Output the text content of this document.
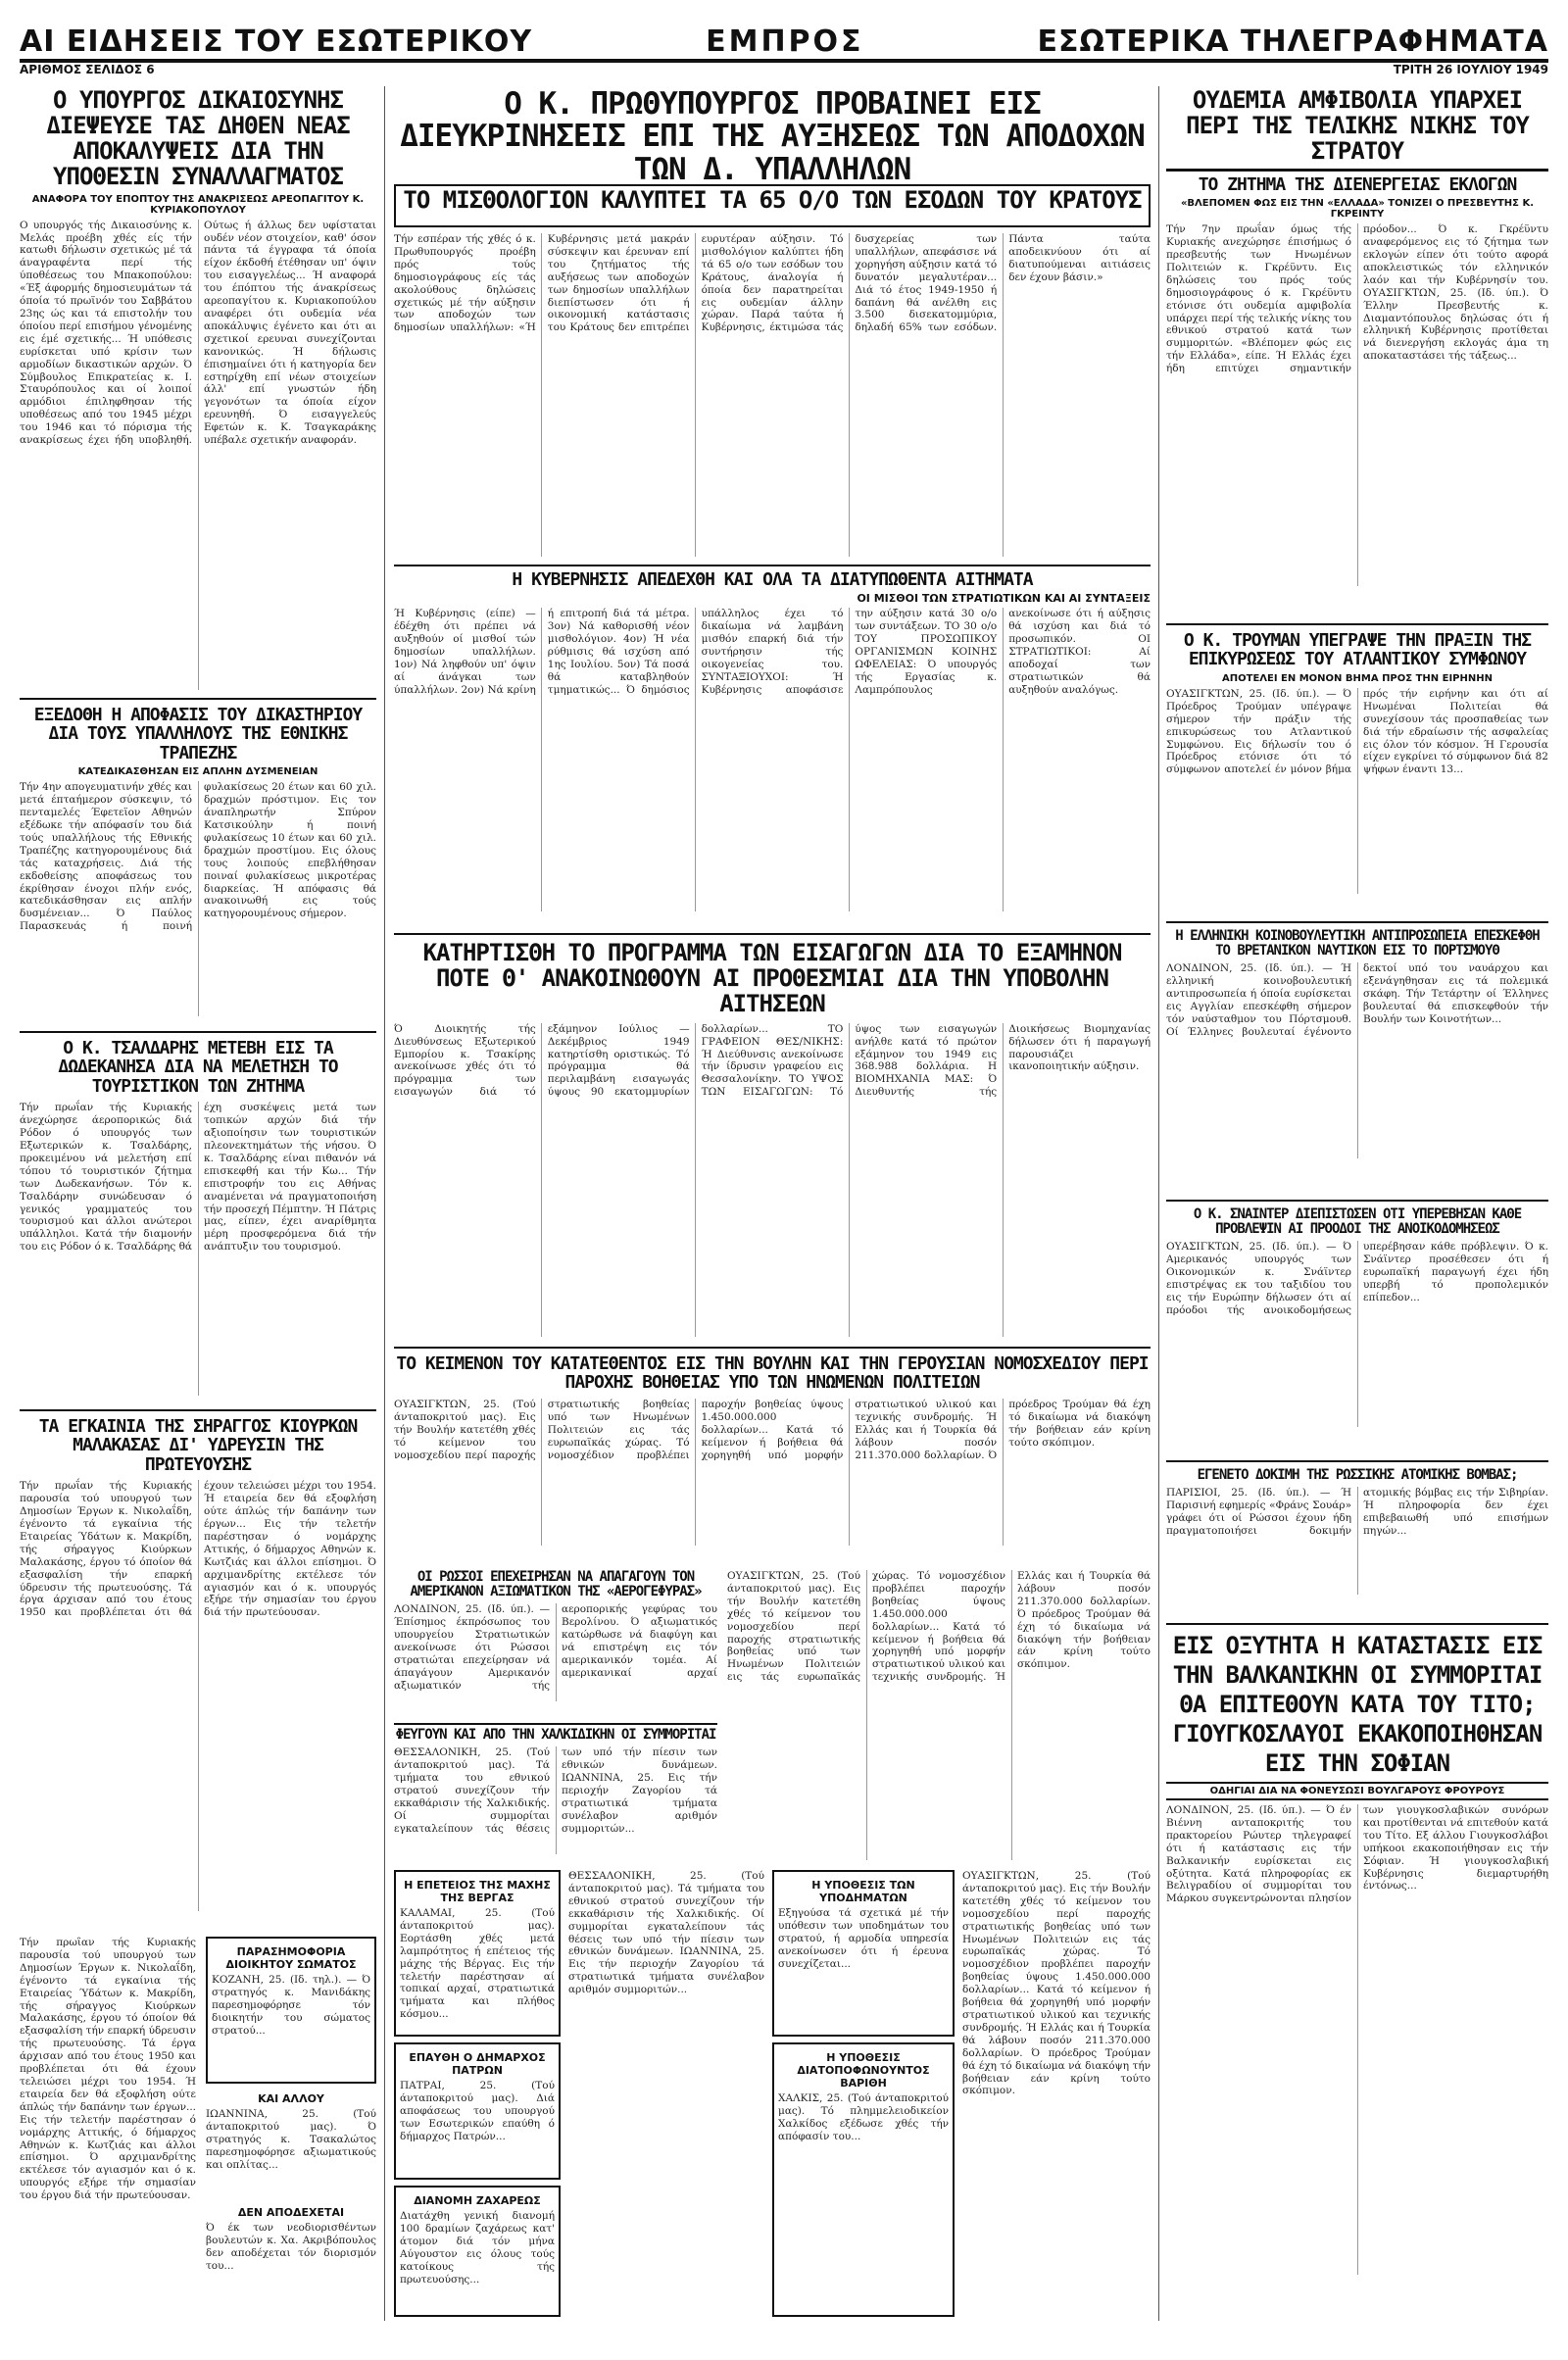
ΑΙ ΕΙΔΗΣΕΙΣ ΤΟΥ ΕΣΩΤΕΡΙΚΟΥ	ΕΜΠΡΟΣ	ΕΣΩΤΕΡΙΚΑ ΤΗΛΕΓΡΑΦΗΜΑΤΑ
ΑΡΙΘΜΟΣ ΣΕΛΙΔΟΣ 6	ΤΡΙΤΗ 26 ΙΟΥΛΙΟΥ 1949
Ο ΥΠΟΥΡΓΟΣ ΔΙΚΑΙΟΣΥΝΗΣ ΔΙΕΨΕΥΣΕ ΤΑΣ ΔΗΘΕΝ ΝΕΑΣ ΑΠΟΚΑΛΥΨΕΙΣ ΔΙΑ ΤΗΝ ΥΠΟΘΕΣΙΝ ΣΥΝΑΛΛΑΓΜΑΤΟΣ
ΑΝΑΦΟΡΑ ΤΟΥ ΕΠΟΠΤΟΥ ΤΗΣ ΑΝΑΚΡΙΣΕΩΣ ΑΡΕΟΠΑΓΙΤΟΥ Κ. ΚΥΡΙΑΚΟΠΟΥΛΟΥ
Ο υπουργός τής Δικαιοσύνης κ. Μελάς προέβη χθές είς τήν κατωθι δήλωσιν σχετικώς μέ τά άναγραφέντα περί τής ύποθέσεως του Μπακοπούλου: «Έξ άφορμής δημοσιευμάτων τά όποία τό πρωϊνόν του Σαββάτου 23ης ώς και τά επιστολήν του όποίου περί επισήμου γένομένης εις έμέ σχετικής... Ή υπόθεσις ευρίσκεται υπό κρίσιν των αρμοδίων δικαστικών αρχών. Ό Σύμβουλος Επικρατείας κ. Ι. Σταυρόπουλος και οί λοιποί αρμόδιοι έπιληφθησαν τής υποθέσεως από του 1945 μέχρι του 1946 και τό πόρισμα τής ανακρίσεως έχει ήδη υποβληθή. Ούτως ή άλλως δεν υφίσταται ουδέν νέον στοιχείον, καθ' όσον πάντα τά έγγραφα τά όποία είχον έκδοθή έτέθησαν υπ' όψιν του εισαγγελέως... Ή αναφορά του έπόπτου τής άνακρίσεως αρεοπαγίτου κ. Κυριακοπούλου αναφέρει ότι ουδεμία νέα αποκάλυψις έγένετο και ότι αι σχετικοί ερευναι συνεχίζονται κανονικώς. Ή δήλωσις έπισημαίνει ότι ή κατηγορία δεν εστηρίχθη επί νέων στοιχείων άλλ' επί γνωστών ήδη γεγονότων τα όποία είχον ερευνηθή. Ό εισαγγελεύς Εφετών κ. Κ. Τσαγκαράκης υπέβαλε σχετικήν αναφοράν.
ΕΞΕΔΟΘΗ Η ΑΠΟΦΑΣΙΣ ΤΟΥ ΔΙΚΑΣΤΗΡΙΟΥ ΔΙΑ ΤΟΥΣ ΥΠΑΛΛΗΛΟΥΣ ΤΗΣ ΕΘΝΙΚΗΣ ΤΡΑΠΕΖΗΣ
ΚΑΤΕΔΙΚΑΣΘΗΣΑΝ ΕΙΣ ΑΠΛΗΝ ΔΥΣΜΕΝΕΙΑΝ
Τήν 4ην απογευματινήν χθές και μετά έπταήμερον σύσκεψιν, τό πενταμελές Έφετεϊον Αθηνών εξέδωκε τήν απόφασίν του διά τούς υπαλλήλους τής Εθνικής Τραπέζης κατηγορουμένους διά τάς καταχρήσεις. Διά τής εκδοθείσης αποφάσεως του έκρίθησαν ένοχοι πλήν ενός, κατεδικάσθησαν εις απλήν δυσμένειαν... Ό Παύλος Παρασκευάς ή ποινή φυλακίσεως 20 έτων και 60 χιλ. δραχμών πρόστιμον. Εις τον άναπληρωτήν Σπύρον Κατσικούλην ή ποινή φυλακίσεως 10 έτων και 60 χιλ. δραχμών προστίμου. Εις όλους τους λοιπούς επεβλήθησαν ποιναί φυλακίσεως μικροτέρας διαρκείας. Ή απόφασις θά ανακοινωθή εις τούς κατηγορουμένους σήμερον.
Ο Κ. ΤΣΑΛΔΑΡΗΣ ΜΕΤΕΒΗ ΕΙΣ ΤΑ ΔΩΔΕΚΑΝΗΣΑ ΔΙΑ ΝΑ ΜΕΛΕΤΗΣΗ ΤΟ ΤΟΥΡΙΣΤΙΚΟΝ ΤΩΝ ΖΗΤΗΜΑ
Τήν πρωΐαν τής Κυριακής άνεχώρησε άεροπορικώς διά Ρόδον ό υπουργός των Εξωτερικών κ. Τσαλδάρης, προκειμένου νά μελετήση επί τόπου τό τουριστικόν ζήτημα των Δωδεκανήσων. Τόν κ. Τσαλδάρην συνώδευσαν ό γενικός γραμματεύς του τουρισμού και άλλοι ανώτεροι υπάλληλοι. Κατά τήν διαμονήν του εις Ρόδον ό κ. Τσαλδάρης θά έχη συσκέψεις μετά των τοπικών αρχών διά τήν αξιοποίησιν των τουριστικών πλεονεκτημάτων τής νήσου. Ό κ. Τσαλδάρης είναι πιθανόν νά επισκεφθή και τήν Κω... Τήν επιστροφήν του εις Αθήνας αναμένεται νά πραγματοποιήση τήν προσεχή Πέμπτην. Ή Πάτρις μας, είπεν, έχει αναρίθμητα μέρη προσφερόμενα διά τήν ανάπτυξιν του τουρισμού.
ΤΑ ΕΓΚΑΙΝΙΑ ΤΗΣ ΣΗΡΑΓΓΟΣ ΚΙΟΥΡΚΩΝ ΜΑΛΑΚΑΣΑΣ ΔΙ' ΥΔΡΕΥΣΙΝ ΤΗΣ ΠΡΩΤΕΥΟΥΣΗΣ
Τήν πρωΐαν τής Κυριακής παρουσία τού υπουργού των Δημοσίων Έργων κ. Νικολαΐδη, έγένοντο τά εγκαίνια τής Εταιρείας Ύδάτων κ. Μακρίδη, τής σήραγγος Κιούρκων Μαλακάσης, έργου τό όποίον θά εξασφαλίση τήν επαρκή ύδρευσιν τής πρωτευούσης. Τά έργα άρχισαν από του έτους 1950 και προβλέπεται ότι θά έχουν τελειώσει μέχρι του 1954. Ή εταιρεία δεν θά εξοφλήση ούτε άπλώς τήν δαπάνην των έργων... Εις τήν τελετήν παρέστησαν ό νομάρχης Αττικής, ό δήμαρχος Αθηνών κ. Κωτζιάς και άλλοι επίσημοι. Ό αρχιμανδρίτης εκτέλεσε τόν αγιασμόν και ό κ. υπουργός εξήρε τήν σημασίαν του έργου διά τήν πρωτεύουσαν.
ΠΑΡΑΣΗΜΟΦΟΡΙΑ ΔΙΟΙΚΗΤΟΥ ΣΩΜΑΤΟΣ
ΚΟΖΑΝΗ, 25. (Ιδ. τηλ.). — Ό στρατηγός κ. Μανιδάκης παρεσημοφόρησε τόν διοικητήν του σώματος στρατού...
ΚΑΙ ΑΛΛΟΥ
ΙΩΑΝΝΙΝΑ, 25. (Τού άνταποκριτού μας). Ό στρατηγός κ. Τσακαλώτος παρεσημοφόρησε αξιωματικούς και οπλίτας...
ΔΕΝ ΑΠΟΔΕΧΕΤΑΙ
Ό έκ των νεοδιορισθέντων βουλευτών κ. Χα. Ακριβόπουλος δεν αποδέχεται τόν διορισμόν του...
Τήν πρωΐαν τής Κυριακής παρουσία τού υπουργού των Δημοσίων Έργων κ. Νικολαΐδη, έγένοντο τά εγκαίνια τής Εταιρείας Ύδάτων κ. Μακρίδη, τής σήραγγος Κιούρκων Μαλακάσης, έργου τό όποίον θά εξασφαλίση τήν επαρκή ύδρευσιν τής πρωτευούσης. Τά έργα άρχισαν από του έτους 1950 και προβλέπεται ότι θά έχουν τελειώσει μέχρι του 1954. Ή εταιρεία δεν θά εξοφλήση ούτε άπλώς τήν δαπάνην των έργων... Εις τήν τελετήν παρέστησαν ό νομάρχης Αττικής, ό δήμαρχος Αθηνών κ. Κωτζιάς και άλλοι επίσημοι. Ό αρχιμανδρίτης εκτέλεσε τόν αγιασμόν και ό κ. υπουργός εξήρε τήν σημασίαν του έργου διά τήν πρωτεύουσαν.
Ο Κ. ΠΡΩΘΥΠΟΥΡΓΟΣ ΠΡΟΒΑΙΝΕΙ ΕΙΣ ΔΙΕΥΚΡΙΝΗΣΕΙΣ ΕΠΙ ΤΗΣ ΑΥΞΗΣΕΩΣ ΤΩΝ ΑΠΟΔΟΧΩΝ ΤΩΝ Δ. ΥΠΑΛΛΗΛΩΝ
ΤΟ ΜΙΣΘΟΛΟΓΙΟΝ ΚΑΛΥΠΤΕΙ ΤΑ 65 Ο/Ο ΤΩΝ ΕΣΟΔΩΝ ΤΟΥ ΚΡΑΤΟΥΣ
Τήν εσπέραν τής χθές ό κ. Πρωθυπουργός προέβη πρός τούς δημοσιογράφους είς τάς ακολούθους δηλώσεις σχετικώς μέ τήν αύξησιν των αποδοχών των δημοσίων υπαλλήλων: «Ή Κυβέρνησις μετά μακράν σύσκεψιν και έρευναν επί του ζητήματος τής αυξήσεως των αποδοχών των δημοσίων υπαλλήλων διεπίστωσεν ότι ή οικονομική κατάστασις του Κράτους δεν επιτρέπει ευρυτέραν αύξησιν. Τό μισθολόγιον καλύπτει ήδη τά 65 ο/ο των εσόδων του Κράτους, άναλογία ή όποία δεν παρατηρείται εις ουδεμίαν άλλην χώραν. Παρά ταύτα ή Κυβέρνησις, έκτιμώσα τάς δυσχερείας των υπαλλήλων, απεφάσισε νά χορηγήση αύξησιν κατά τό δυνατόν μεγαλυτέραν... Διά τό έτος 1949-1950 ή δαπάνη θά ανέλθη εις 3.500 δισεκατομμύρια, δηλαδή 65% των εσόδων. Πάντα ταύτα αποδεικνύουν ότι αί διατυπούμεναι αιτιάσεις δεν έχουν βάσιν.»
Η ΚΥΒΕΡΝΗΣΙΣ ΑΠΕΔΕΧΘΗ ΚΑΙ ΟΛΑ ΤΑ ΔΙΑΤΥΠΩΘΕΝΤΑ ΑΙΤΗΜΑΤΑ
ΟΙ ΜΙΣΘΟΙ ΤΩΝ ΣΤΡΑΤΙΩΤΙΚΩΝ ΚΑΙ ΑΙ ΣΥΝΤΑΞΕΙΣ
Ή Κυβέρνησις (είπε) — έδέχθη ότι πρέπει νά αυξηθούν οί μισθοί τών δημοσίων υπαλλήλων. 1ον) Νά ληφθούν υπ' όψιν αί άνάγκαι των ύπαλλήλων. 2ον) Νά κρίνη ή επιτροπή διά τά μέτρα. 3ον) Νά καθορισθή νέον μισθολόγιον. 4ον) Ή νέα ρύθμισις θά ισχύση από 1ης Ιουλίου. 5ον) Τά ποσά θά καταβληθούν τμηματικώς... Ό δημόσιος υπάλληλος έχει τό δικαίωμα νά λαμβάνη μισθόν επαρκή διά τήν συντήρησιν τής οικογενείας του. ΣΥΝΤΑΞΙΟΥΧΟΙ: Ή Κυβέρνησις αποφάσισε την αύξησιν κατά 30 ο/ο των συντάξεων. ΤΟ 30 ο/ο ΤΟΥ ΠΡΟΣΩΠΙΚΟΥ ΟΡΓΑΝΙΣΜΩΝ ΚΟΙΝΗΣ ΩΦΕΛΕΙΑΣ: Ό υπουργός τής Εργασίας κ. Λαμπρόπουλος ανεκοίνωσε ότι ή αύξησις θά ισχύση και διά τό προσωπικόν. ΟΙ ΣΤΡΑΤΙΩΤΙΚΟΙ: Αί αποδοχαί των στρατιωτικών θά αυξηθούν αναλόγως.
ΚΑΤΗΡΤΙΣΘΗ ΤΟ ΠΡΟΓΡΑΜΜΑ ΤΩΝ ΕΙΣΑΓΩΓΩΝ ΔΙΑ ΤΟ ΕΞΑΜΗΝΟΝ ΠΟΤΕ Θ' ΑΝΑΚΟΙΝΩΘΟΥΝ ΑΙ ΠΡΟΘΕΣΜΙΑΙ ΔΙΑ ΤΗΝ ΥΠΟΒΟΛΗΝ ΑΙΤΗΣΕΩΝ
Ό Διοικητής τής Διευθύνσεως Εξωτερικού Εμπορίου κ. Τσακίρης ανεκοίνωσε χθές ότι τό πρόγραμμα των εισαγωγών διά τό εξάμηνον Ιούλιος — Δεκέμβριος 1949 κατηρτίσθη οριστικώς. Τό πρόγραμμα θά περιλαμβάνη εισαγωγάς ύψους 90 εκατομμυρίων δολλαρίων... ΤΟ ΓΡΑΦΕΙΟΝ ΘΕΣ/ΝΙΚΗΣ: Ή Διεύθυνσις ανεκοίνωσε τήν ίδρυσιν γραφείου εις Θεσσαλονίκην. ΤΟ ΥΨΟΣ ΤΩΝ ΕΙΣΑΓΩΓΩΝ: Τό ύψος των εισαγωγών ανήλθε κατά τό πρώτον εξάμηνον του 1949 εις 368.988 δολλάρια. Η ΒΙΟΜΗΧΑΝΙΑ ΜΑΣ: Ό Διευθυντής τής Διοικήσεως Βιομηχανίας δήλωσεν ότι ή παραγωγή παρουσιάζει ικανοποιητικήν αύξησιν.
ΤΟ ΚΕΙΜΕΝΟΝ ΤΟΥ ΚΑΤΑΤΕΘΕΝΤΟΣ ΕΙΣ ΤΗΝ ΒΟΥΛΗΝ ΚΑΙ ΤΗΝ ΓΕΡΟΥΣΙΑΝ ΝΟΜΟΣΧΕΔΙΟΥ ΠΕΡΙ ΠΑΡΟΧΗΣ ΒΟΗΘΕΙΑΣ ΥΠΟ ΤΩΝ ΗΝΩΜΕΝΩΝ ΠΟΛΙΤΕΙΩΝ
ΟΥΑΣΙΓΚΤΩΝ, 25. (Τού άνταποκριτού μας). Εις τήν Βουλήν κατετέθη χθές τό κείμενον του νομοσχεδίου περί παροχής στρατιωτικής βοηθείας υπό των Ηνωμένων Πολιτειών εις τάς ευρωπαϊκάς χώρας. Τό νομοσχέδιον προβλέπει παροχήν βοηθείας ύψους 1.450.000.000 δολλαρίων... Κατά τό κείμενον ή βοήθεια θά χορηγηθή υπό μορφήν στρατιωτικού υλικού και τεχνικής συνδρομής. Ή Ελλάς και ή Τουρκία θά λάβουν ποσόν 211.370.000 δολλαρίων. Ό πρόεδρος Τρούμαν θά έχη τό δικαίωμα νά διακόψη τήν βοήθειαν εάν κρίνη τούτο σκόπιμον.
ΟΙ ΡΩΣΣΟΙ ΕΠΕΧΕΙΡΗΣΑΝ ΝΑ ΑΠΑΓΑΓΟΥΝ ΤΟΝ ΑΜΕΡΙΚΑΝΟΝ ΑΞΙΩΜΑΤΙΚΟΝ ΤΗΣ «ΑΕΡΟΓΕΦΥΡΑΣ»
ΛΟΝΔΙΝΟΝ, 25. (Ιδ. ύπ.). — Έπίσημος έκπρόσωπος του υπουργείου Στρατιωτικών ανεκοίνωσε ότι Ρώσσοι στρατιώται επεχείρησαν νά άπαγάγουν Αμερικανόν αξιωματικόν τής αεροπορικής γεφύρας του Βερολίνου. Ό αξιωματικός κατώρθωσε νά διαφύγη και νά επιστρέψη εις τόν αμερικανικόν τομέα. Αί αμερικανικαί αρχαί
ΦΕΥΓΟΥΝ ΚΑΙ ΑΠΟ ΤΗΝ ΧΑΛΚΙΔΙΚΗΝ ΟΙ ΣΥΜΜΟΡΙΤΑΙ
ΘΕΣΣΑΛΟΝΙΚΗ, 25. (Τού άνταποκριτού μας). Τά τμήματα του εθνικού στρατού συνεχίζουν τήν εκκαθάρισιν τής Χαλκιδικής. Οί συμμορίται εγκαταλείπουν τάς θέσεις των υπό τήν πίεσιν των εθνικών δυνάμεων. ΙΩΑΝΝΙΝΑ, 25. Εις τήν περιοχήν Ζαγορίου τά στρατιωτικά τμήματα συνέλαβον αριθμόν συμμοριτών...
ΟΥΑΣΙΓΚΤΩΝ, 25. (Τού άνταποκριτού μας). Εις τήν Βουλήν κατετέθη χθές τό κείμενον του νομοσχεδίου περί παροχής στρατιωτικής βοηθείας υπό των Ηνωμένων Πολιτειών εις τάς ευρωπαϊκάς χώρας. Τό νομοσχέδιον προβλέπει παροχήν βοηθείας ύψους 1.450.000.000 δολλαρίων... Κατά τό κείμενον ή βοήθεια θά χορηγηθή υπό μορφήν στρατιωτικού υλικού και τεχνικής συνδρομής. Ή Ελλάς και ή Τουρκία θά λάβουν ποσόν 211.370.000 δολλαρίων. Ό πρόεδρος Τρούμαν θά έχη τό δικαίωμα νά διακόψη τήν βοήθειαν εάν κρίνη τούτο σκόπιμον.
Η ΕΠΕΤΕΙΟΣ ΤΗΣ ΜΑΧΗΣ ΤΗΣ ΒΕΡΓΑΣ
ΚΑΛΑΜΑΙ, 25. (Τού άνταποκριτού μας). Εορτάσθη χθές μετά λαμπρότητος ή επέτειος τής μάχης τής Βέργας. Εις τήν τελετήν παρέστησαν αί τοπικαί αρχαί, στρατιωτικά τμήματα και πλήθος κόσμου...
ΕΠΑΥΘΗ Ο ΔΗΜΑΡΧΟΣ ΠΑΤΡΩΝ
ΠΑΤΡΑΙ, 25. (Τού άνταποκριτού μας). Διά αποφάσεως του υπουργού των Εσωτερικών επαύθη ό δήμαρχος Πατρών...
ΔΙΑΝΟΜΗ ΖΑΧΑΡΕΩΣ
Διατάχθη γενική διανομή 100 δραμίων ζαχάρεως κατ' άτομον διά τόν μήνα Αύγουστον εις όλους τούς κατοίκους τής πρωτευούσης...
ΘΕΣΣΑΛΟΝΙΚΗ, 25. (Τού άνταποκριτού μας). Τά τμήματα του εθνικού στρατού συνεχίζουν τήν εκκαθάρισιν τής Χαλκιδικής. Οί συμμορίται εγκαταλείπουν τάς θέσεις των υπό τήν πίεσιν των εθνικών δυνάμεων. ΙΩΑΝΝΙΝΑ, 25. Εις τήν περιοχήν Ζαγορίου τά στρατιωτικά τμήματα συνέλαβον αριθμόν συμμοριτών...
Η ΥΠΟΘΕΣΙΣ ΤΩΝ ΥΠΟΔΗΜΑΤΩΝ
Εξηγούσα τά σχετικά μέ τήν υπόθεσιν των υποδημάτων του στρατού, ή αρμοδία υπηρεσία ανεκοίνωσεν ότι ή έρευνα συνεχίζεται...
Η ΥΠΟΘΕΣΙΣ ΔΙΑΤΟΠΟΦΩΝΟΥΝΤΟΣ ΒΑΡΙΘΗ
ΧΑΛΚΙΣ, 25. (Τού άνταποκριτού μας). Τό πλημμελειοδικείον Χαλκίδος εξέδωσε χθές τήν απόφασίν του...
ΟΥΑΣΙΓΚΤΩΝ, 25. (Τού άνταποκριτού μας). Εις τήν Βουλήν κατετέθη χθές τό κείμενον του νομοσχεδίου περί παροχής στρατιωτικής βοηθείας υπό των Ηνωμένων Πολιτειών εις τάς ευρωπαϊκάς χώρας. Τό νομοσχέδιον προβλέπει παροχήν βοηθείας ύψους 1.450.000.000 δολλαρίων... Κατά τό κείμενον ή βοήθεια θά χορηγηθή υπό μορφήν στρατιωτικού υλικού και τεχνικής συνδρομής. Ή Ελλάς και ή Τουρκία θά λάβουν ποσόν 211.370.000 δολλαρίων. Ό πρόεδρος Τρούμαν θά έχη τό δικαίωμα νά διακόψη τήν βοήθειαν εάν κρίνη τούτο σκόπιμον.
ΟΥΔΕΜΙΑ ΑΜΦΙΒΟΛΙΑ ΥΠΑΡΧΕΙ ΠΕΡΙ ΤΗΣ ΤΕΛΙΚΗΣ ΝΙΚΗΣ ΤΟΥ ΣΤΡΑΤΟΥ
ΤΟ ΖΗΤΗΜΑ ΤΗΣ ΔΙΕΝΕΡΓΕΙΑΣ ΕΚΛΟΓΩΝ
«ΒΛΕΠΟΜΕΝ ΦΩΣ ΕΙΣ ΤΗΝ «ΕΛΛΑΔΑ» ΤΟΝΙΖΕΙ Ο ΠΡΕΣΒΕΥΤΗΣ Κ. ΓΚΡΕΙΝΤΥ
Τήν 7ην πρωΐαν όμως τής Κυριακής ανεχώρησε έπισήμως ό πρεσβευτής των Ηνωμένων Πολιτειών κ. Γκρέϋντυ. Εις δηλώσεις του πρός τούς δημοσιογράφους ό κ. Γκρέϋντυ ετόνισε ότι ουδεμία αμφιβολία υπάρχει περί τής τελικής νίκης του εθνικού στρατού κατά των συμμοριτών. «Βλέπομεν φώς εις τήν Ελλάδα», είπε. Ή Ελλάς έχει ήδη επιτύχει σημαντικήν πρόοδον... Ό κ. Γκρέϋντυ αναφερόμενος εις τό ζήτημα των εκλογών είπεν ότι τούτο αφορά αποκλειστικώς τόν ελληνικόν λαόν και τήν Κυβέρνησίν του. ΟΥΑΣΙΓΚΤΩΝ, 25. (Ιδ. ύπ.). Ό Έλλην Πρεσβευτής κ. Διαμαντόπουλος δηλώσας ότι ή ελληνική Κυβέρνησις προτίθεται νά διενεργήση εκλογάς άμα τη αποκαταστάσει τής τάξεως...
Ο Κ. ΤΡΟΥΜΑΝ ΥΠΕΓΡΑΨΕ ΤΗΝ ΠΡΑΞΙΝ ΤΗΣ ΕΠΙΚΥΡΩΣΕΩΣ ΤΟΥ ΑΤΛΑΝΤΙΚΟΥ ΣΥΜΦΩΝΟΥ
ΑΠΟΤΕΛΕΙ ΕΝ ΜΟΝΟΝ ΒΗΜΑ ΠΡΟΣ ΤΗΝ ΕΙΡΗΝΗΝ
ΟΥΑΣΙΓΚΤΩΝ, 25. (Ιδ. ύπ.). — Ό Πρόεδρος Τρούμαν υπέγραψε σήμερον τήν πράξιν τής επικυρώσεως του Ατλαντικού Συμφώνου. Εις δήλωσίν του ό Πρόεδρος ετόνισε ότι τό σύμφωνον αποτελεί έν μόνον βήμα πρός τήν ειρήνην και ότι αί Ηνωμέναι Πολιτείαι θά συνεχίσουν τάς προσπαθείας των διά τήν εδραίωσιν τής ασφαλείας εις όλον τόν κόσμον. Ή Γερουσία είχεν εγκρίνει τό σύμφωνον διά 82 ψήφων έναντι 13...
Η ΕΛΛΗΝΙΚΗ ΚΟΙΝΟΒΟΥΛΕΥΤΙΚΗ ΑΝΤΙΠΡΟΣΩΠΕΙΑ ΕΠΕΣΚΕΦΘΗ ΤΟ ΒΡΕΤΑΝΙΚΟΝ ΝΑΥΤΙΚΟΝ ΕΙΣ ΤΟ ΠΟΡΤΣΜΟΥΘ
ΛΟΝΔΙΝΟΝ, 25. (Ιδ. ύπ.). — Ή ελληνική κοινοβουλευτική αντιπροσωπεία ή όποία ευρίσκεται εις Αγγλίαν επεσκέφθη σήμερον τόν ναύσταθμον του Πόρτσμουθ. Οί Έλληνες βουλευταί έγένοντο δεκτοί υπό του ναυάρχου και εξενάγηθησαν εις τά πολεμικά σκάφη. Τήν Τετάρτην οί Έλληνες βουλευταί θά επισκεφθούν τήν Βουλήν των Κοινοτήτων...
Ο Κ. ΣΝΑΙΝΤΕΡ ΔΙΕΠΙΣΤΩΣΕΝ ΟΤΙ ΥΠΕΡΕΒΗΣΑΝ ΚΑΘΕ ΠΡΟΒΛΕΨΙΝ ΑΙ ΠΡΟΟΔΟΙ ΤΗΣ ΑΝΟΙΚΟΔΟΜΗΣΕΩΣ
ΟΥΑΣΙΓΚΤΩΝ, 25. (Ιδ. ύπ.). — Ό Αμερικανός υπουργός των Οικονομικών κ. Σνάϊντερ επιστρέψας εκ του ταξιδίου του εις τήν Ευρώπην δήλωσεν ότι αί πρόοδοι τής ανοικοδομήσεως υπερέβησαν κάθε πρόβλεψιν. Ό κ. Σνάϊντερ προσέθεσεν ότι ή ευρωπαϊκή παραγωγή έχει ήδη υπερβή τό προπολεμικόν επίπεδον...
ΕΓΕΝΕΤΟ ΔΟΚΙΜΗ ΤΗΣ ΡΩΣΣΙΚΗΣ ΑΤΟΜΙΚΗΣ ΒΟΜΒΑΣ;
ΠΑΡΙΣΙΟΙ, 25. (Ιδ. ύπ.). — Ή Παρισινή εφημερίς «Φράνς Σουάρ» γράφει ότι οί Ρώσσοι έχουν ήδη πραγματοποιήσει δοκιμήν ατομικής βόμβας εις τήν Σιβηρίαν. Ή πληροφορία δεν έχει επιβεβαιωθή υπό επισήμων πηγών...
ΕΙΣ ΟΞΥΤΗΤΑ Η ΚΑΤΑΣΤΑΣΙΣ ΕΙΣ ΤΗΝ ΒΑΛΚΑΝΙΚΗΝ ΟΙ ΣΥΜΜΟΡΙΤΑΙ ΘΑ ΕΠΙΤΕΘΟΥΝ ΚΑΤΑ ΤΟΥ ΤΙΤΟ; ΓΙΟΥΓΚΟΣΛΑΥΟΙ ΕΚΑΚΟΠΟΙΗΘΗΣΑΝ ΕΙΣ ΤΗΝ ΣΟΦΙΑΝ
ΟΔΗΓΙΑΙ ΔΙΑ ΝΑ ΦΟΝΕΥΣΩΣΙ ΒΟΥΛΓΑΡΟΥΣ ΦΡΟΥΡΟΥΣ
ΛΟΝΔΙΝΟΝ, 25. (Ιδ. ύπ.). — Ό έν Βιέννη ανταποκριτής του πρακτορείου Ρώυτερ τηλεγραφεί ότι ή κατάστασις εις τήν Βαλκανικήν ευρίσκεται εις οξύτητα. Κατά πληροφορίας εκ Βελιγραδίου οί συμμορίται του Μάρκου συγκεντρώνονται πλησίον των γιουγκοσλαβικών συνόρων και προτίθενται νά επιτεθούν κατά του Τίτο. Εξ άλλου Γιουγκοσλάβοι υπήκοοι εκακοποιήθησαν εις τήν Σόφιαν. Ή γιουγκοσλαβική Κυβέρνησις διεμαρτυρήθη έντόνως...
